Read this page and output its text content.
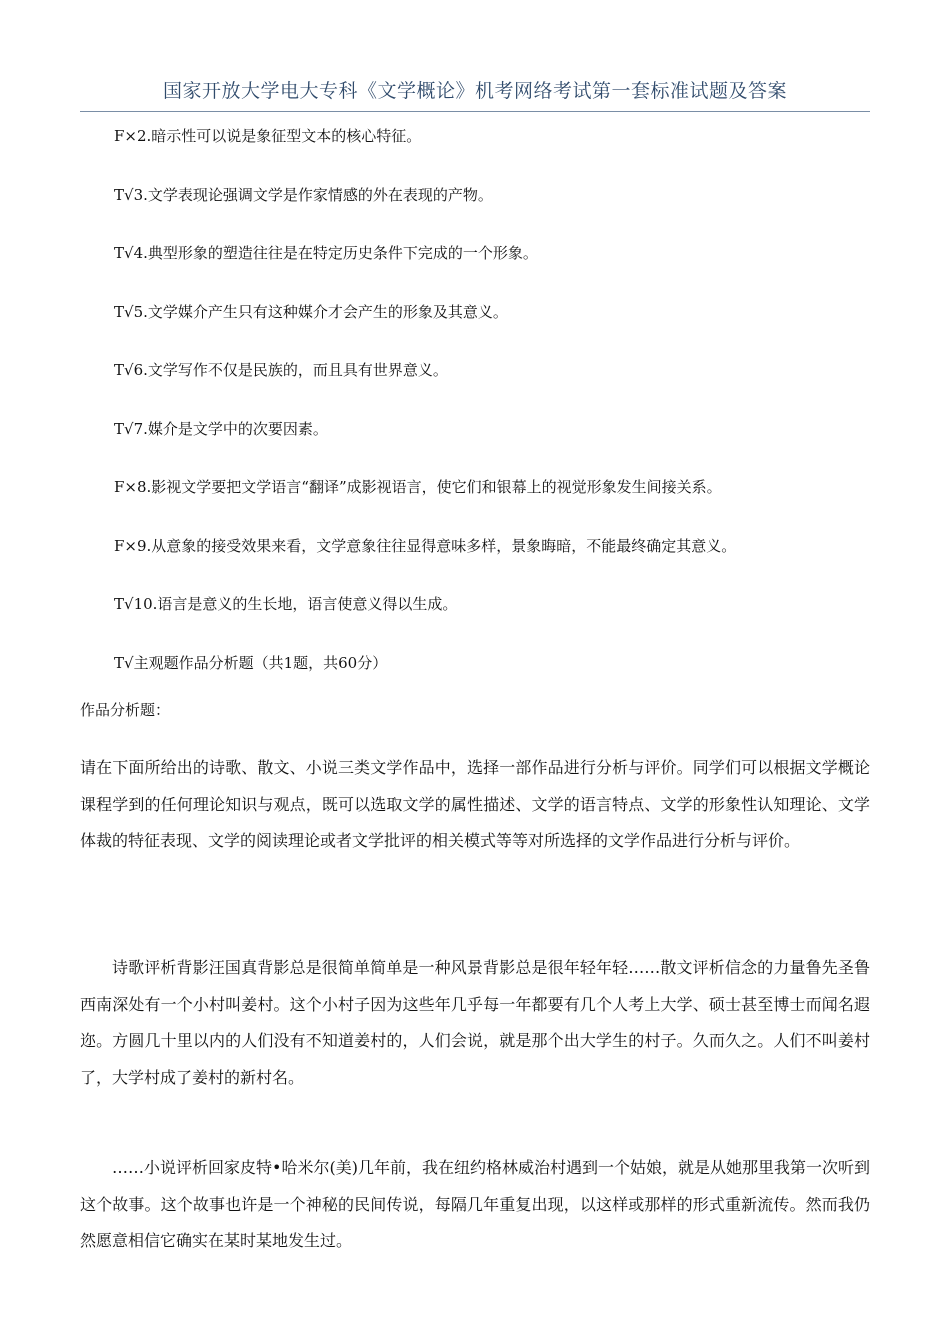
国家开放大学电大专科《文学概论》机考网络考试第一套标准试题及答案
F×2.暗示性可以说是象征型文本的核心特征。
T√3.文学表现论强调文学是作家情感的外在表现的产物。
T√4.典型形象的塑造往往是在特定历史条件下完成的一个形象。
T√5.文学媒介产生只有这种媒介才会产生的形象及其意义。
T√6.文学写作不仅是民族的，而且具有世界意义。
T√7.媒介是文学中的次要因素。
F×8.影视文学要把文学语言“翻译”成影视语言，使它们和银幕上的视觉形象发生间接关系。
F×9.从意象的接受效果来看，文学意象往往显得意味多样，景象晦暗，不能最终确定其意义。
T√10.语言是意义的生长地，语言使意义得以生成。
T√主观题作品分析题（共1题，共60分）
作品分析题：

请在下面所给出的诗歌、散文、小说三类文学作品中，选择一部作品进行分析与评价。同学们可以根据文学概论课程学到的任何理论知识与观点，既可以选取文学的属性描述、文学的语言特点、文学的形象性认知理论、文学体裁的特征表现、文学的阅读理论或者文学批评的相关模式等等对所选择的文学作品进行分析与评价。

诗歌评析背影汪国真背影总是很简单简单是一种风景背影总是很年轻年轻……散文评析信念的力量鲁先圣鲁西南深处有一个小村叫姜村。这个小村子因为这些年几乎每一年都要有几个人考上大学、硕士甚至博士而闻名遐迩。方圆几十里以内的人们没有不知道姜村的，人们会说，就是那个出大学生的村子。久而久之。人们不叫姜村了，大学村成了姜村的新村名。

……小说评析回家皮特•哈米尔(美)几年前，我在纽约格林威治村遇到一个姑娘，就是从她那里我第一次听到这个故事。这个故事也许是一个神秘的民间传说，每隔几年重复出现，以这样或那样的形式重新流传。然而我仍然愿意相信它确实在某时某地发生过。
